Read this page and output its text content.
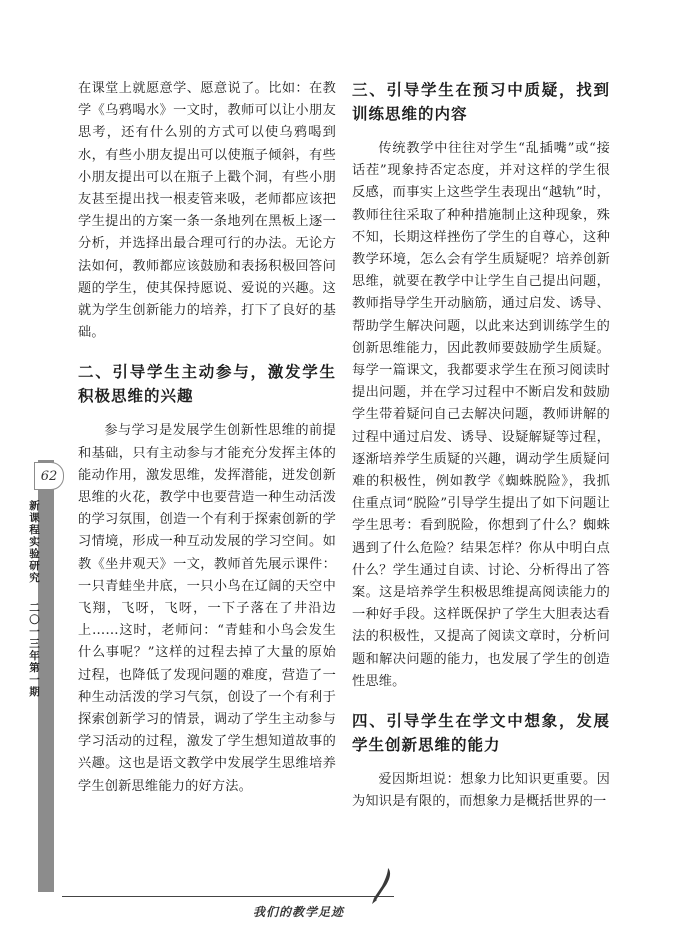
62
新
课
程
实
验
研
究
二
〇
一
三
年
第
一
期

在课堂上就愿意学、愿意说了。比如：在教学《乌鸦喝水》一文时，教师可以让小朋友思考，还有什么别的方式可以使乌鸦喝到水，有些小朋友提出可以使瓶子倾斜，有些小朋友提出可以在瓶子上戳个洞，有些小朋友甚至提出找一根麦管来吸，老师都应该把学生提出的方案一条一条地列在黑板上逐一分析，并选择出最合理可行的办法。无论方法如何，教师都应该鼓励和表扬积极回答问题的学生，使其保持愿说、爱说的兴趣。这就为学生创新能力的培养，打下了良好的基础。

二、引导学生主动参与，激发学生积极思维的兴趣

参与学习是发展学生创新性思维的前提和基础，只有主动参与才能充分发挥主体的能动作用，激发思维，发挥潜能，迸发创新思维的火花，教学中也要营造一种生动活泼的学习氛围，创造一个有利于探索创新的学习情境，形成一种互动发展的学习空间。如教《坐井观天》一文，教师首先展示课件：一只青蛙坐井底，一只小鸟在辽阔的天空中飞翔，飞呀，飞呀，一下子落在了井沿边上……这时，老师问：“青蛙和小鸟会发生什么事呢？”这样的过程去掉了大量的原始过程，也降低了发现问题的难度，营造了一种生动活泼的学习气氛，创设了一个有利于探索创新学习的情景，调动了学生主动参与学习活动的过程，激发了学生想知道故事的兴趣。这也是语文教学中发展学生思维培养学生创新思维能力的好方法。

三、引导学生在预习中质疑，找到训练思维的内容

传统教学中往往对学生“乱插嘴”或“接话茬”现象持否定态度，并对这样的学生很反感，而事实上这些学生表现出“越轨”时，教师往往采取了种种措施制止这种现象，殊不知，长期这样挫伤了学生的自尊心，这种教学环境，怎么会有学生质疑呢？培养创新思维，就要在教学中让学生自己提出问题，教师指导学生开动脑筋，通过启发、诱导、帮助学生解决问题，以此来达到训练学生的创新思维能力，因此教师要鼓励学生质疑。每学一篇课文，我都要求学生在预习阅读时提出问题，并在学习过程中不断启发和鼓励学生带着疑问自己去解决问题，教师讲解的过程中通过启发、诱导、设疑解疑等过程，逐渐培养学生质疑的兴趣，调动学生质疑问难的积极性，例如教学《蜘蛛脱险》，我抓住重点词“脱险”引导学生提出了如下问题让学生思考：看到脱险，你想到了什么？蜘蛛遇到了什么危险？结果怎样？你从中明白点什么？学生通过自读、讨论、分析得出了答案。这是培养学生积极思维提高阅读能力的一种好手段。这样既保护了学生大胆表达看法的积极性，又提高了阅读文章时，分析问题和解决问题的能力，也发展了学生的创造性思维。

四、引导学生在学文中想象，发展学生创新思维的能力

爱因斯坦说：想象力比知识更重要。因为知识是有限的，而想象力是概括世界的一

我们的教学足迹
